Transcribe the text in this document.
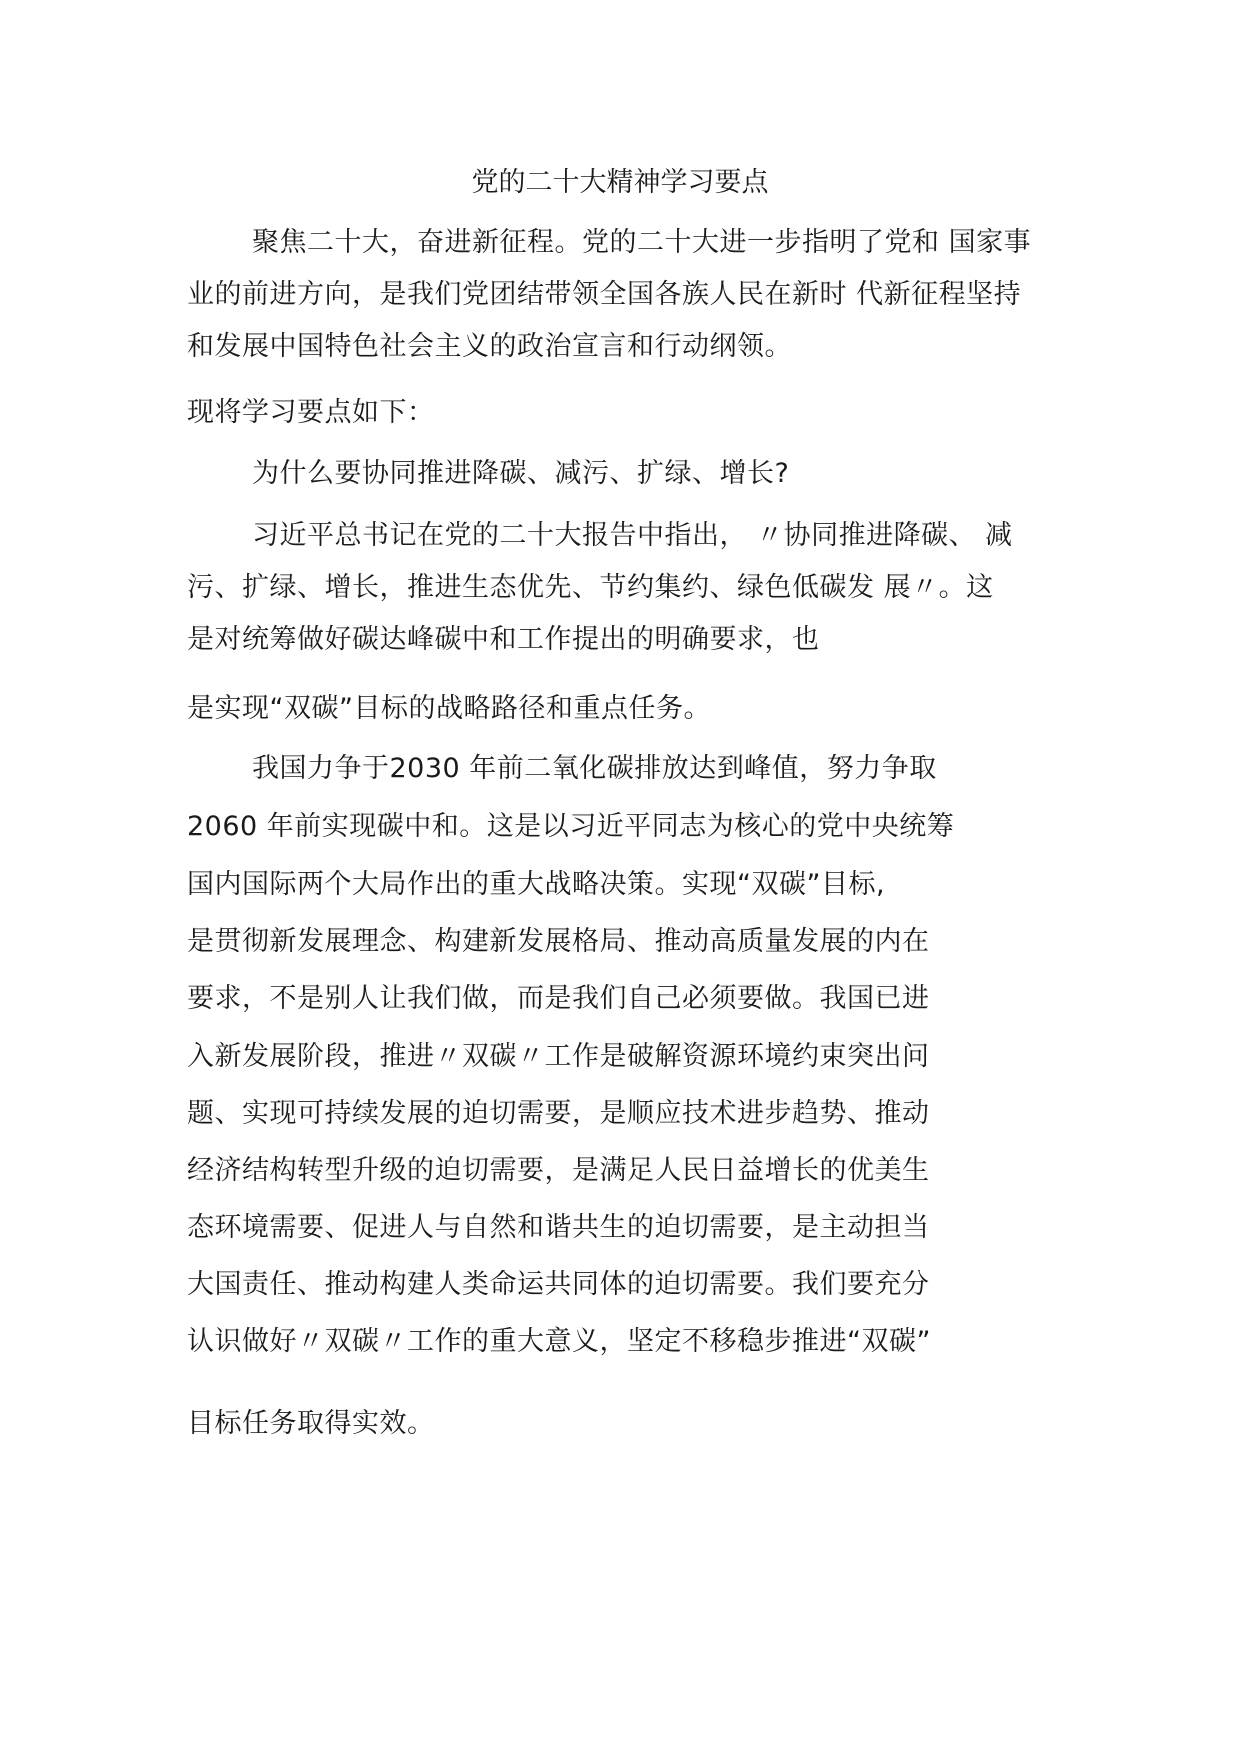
党的二十大精神学习要点
聚焦二十大，奋进新征程。党的二十大进一步指明了党和 国家事
业的前进方向，是我们党团结带领全国各族人民在新时 代新征程坚持
和发展中国特色社会主义的政治宣言和行动纲领。
现将学习要点如下：
为什么要协同推进降碳、减污、扩绿、增长?
习近平总书记在党的二十大报告中指出， 〃协同推进降碳、 减
污、扩绿、增长，推进生态优先、节约集约、绿色低碳发 展〃。这
是对统筹做好碳达峰碳中和工作提出的明确要求，也
是实现“双碳”目标的战略路径和重点任务。
我国力争于2030 年前二氧化碳排放达到峰值，努力争取
2060 年前实现碳中和。这是以习近平同志为核心的党中央统筹
国内国际两个大局作出的重大战略决策。实现“双碳”目标,
是贯彻新发展理念、构建新发展格局、推动高质量发展的内在
要求，不是别人让我们做，而是我们自己必须要做。我国已进
入新发展阶段，推进〃双碳〃工作是破解资源环境约束突出问
题、实现可持续发展的迫切需要，是顺应技术进步趋势、推动
经济结构转型升级的迫切需要，是满足人民日益增长的优美生
态环境需要、促进人与自然和谐共生的迫切需要，是主动担当
大国责任、推动构建人类命运共同体的迫切需要。我们要充分
认识做好〃双碳〃工作的重大意义，坚定不移稳步推进“双碳”
目标任务取得实效。
